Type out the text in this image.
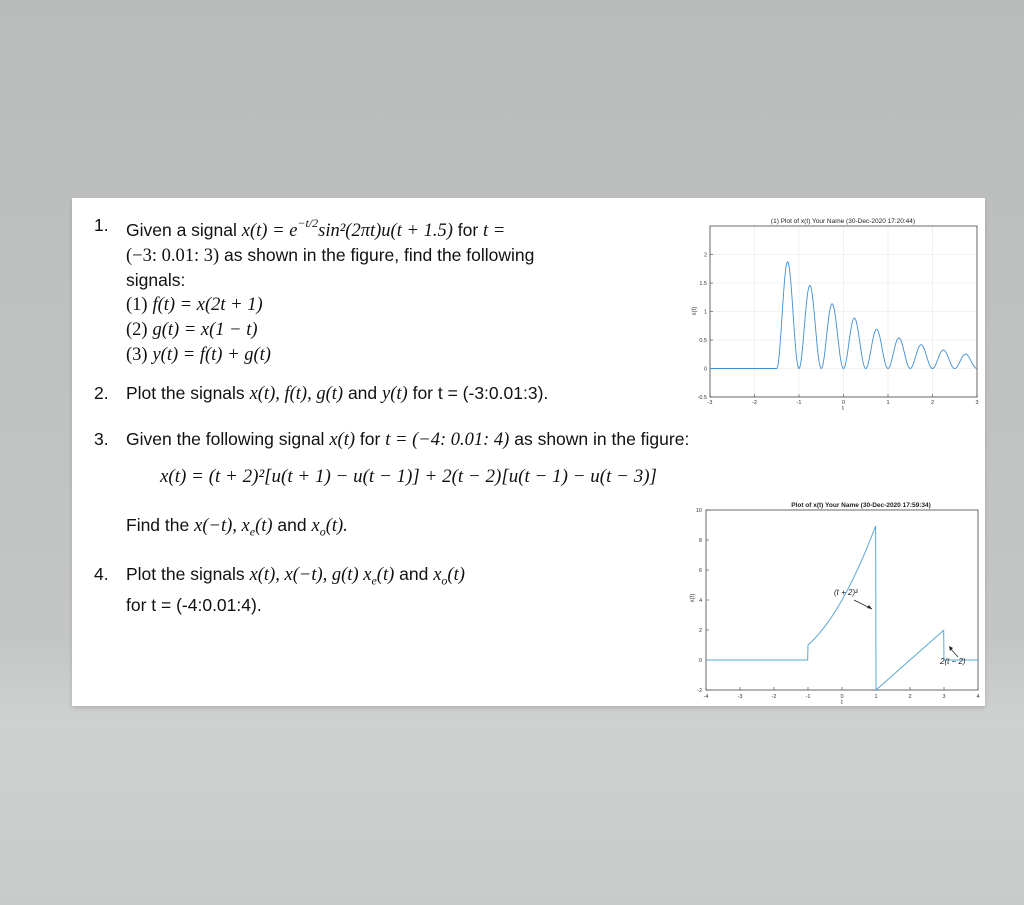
1. Given a signal $x(t) = e^{-t/2}\sin^2(2\pi t)u(t + 1.5)$ for t =
(−3: 0.01: 3) as shown in the figure, find the following
signals:
(1) f(t) = x(2t + 1)
(2) g(t) = x(1 − t)
(3) y(t) = f(t) + g(t)
2. Plot the signals x(t), f(t), g(t) and y(t) for t = (-3:0.01:3).
3. Given the following signal x(t) for t = (−4: 0.01: 4) as shown in the figure:
x(t) = (t + 2)²[u(t + 1) − u(t − 1)] + 2(t − 2)[u(t − 1) − u(t − 3)]
Find the x(−t), $x_e(t)$ and $x_o(t)$.
4. Plot the signals x(t), x(−t), g(t) $x_e(t)$ and $x_o(t)$
for t = (-4:0.01:4).
(1) Plot of x(t) Your Name (30-Dec-2020 17:20:44)
-0.5
0
0.5
1
1.5
2
-3	-2	-1	0	1	2	3
x(t)
t
Plot of x(t) Your Name (30-Dec-2020 17:59:34)
-2
0
2
4
6
8
10
-4	-3	-2	-1	0	1	2	3	4
x(t)
t
(t + 2)²
2(t − 2)
